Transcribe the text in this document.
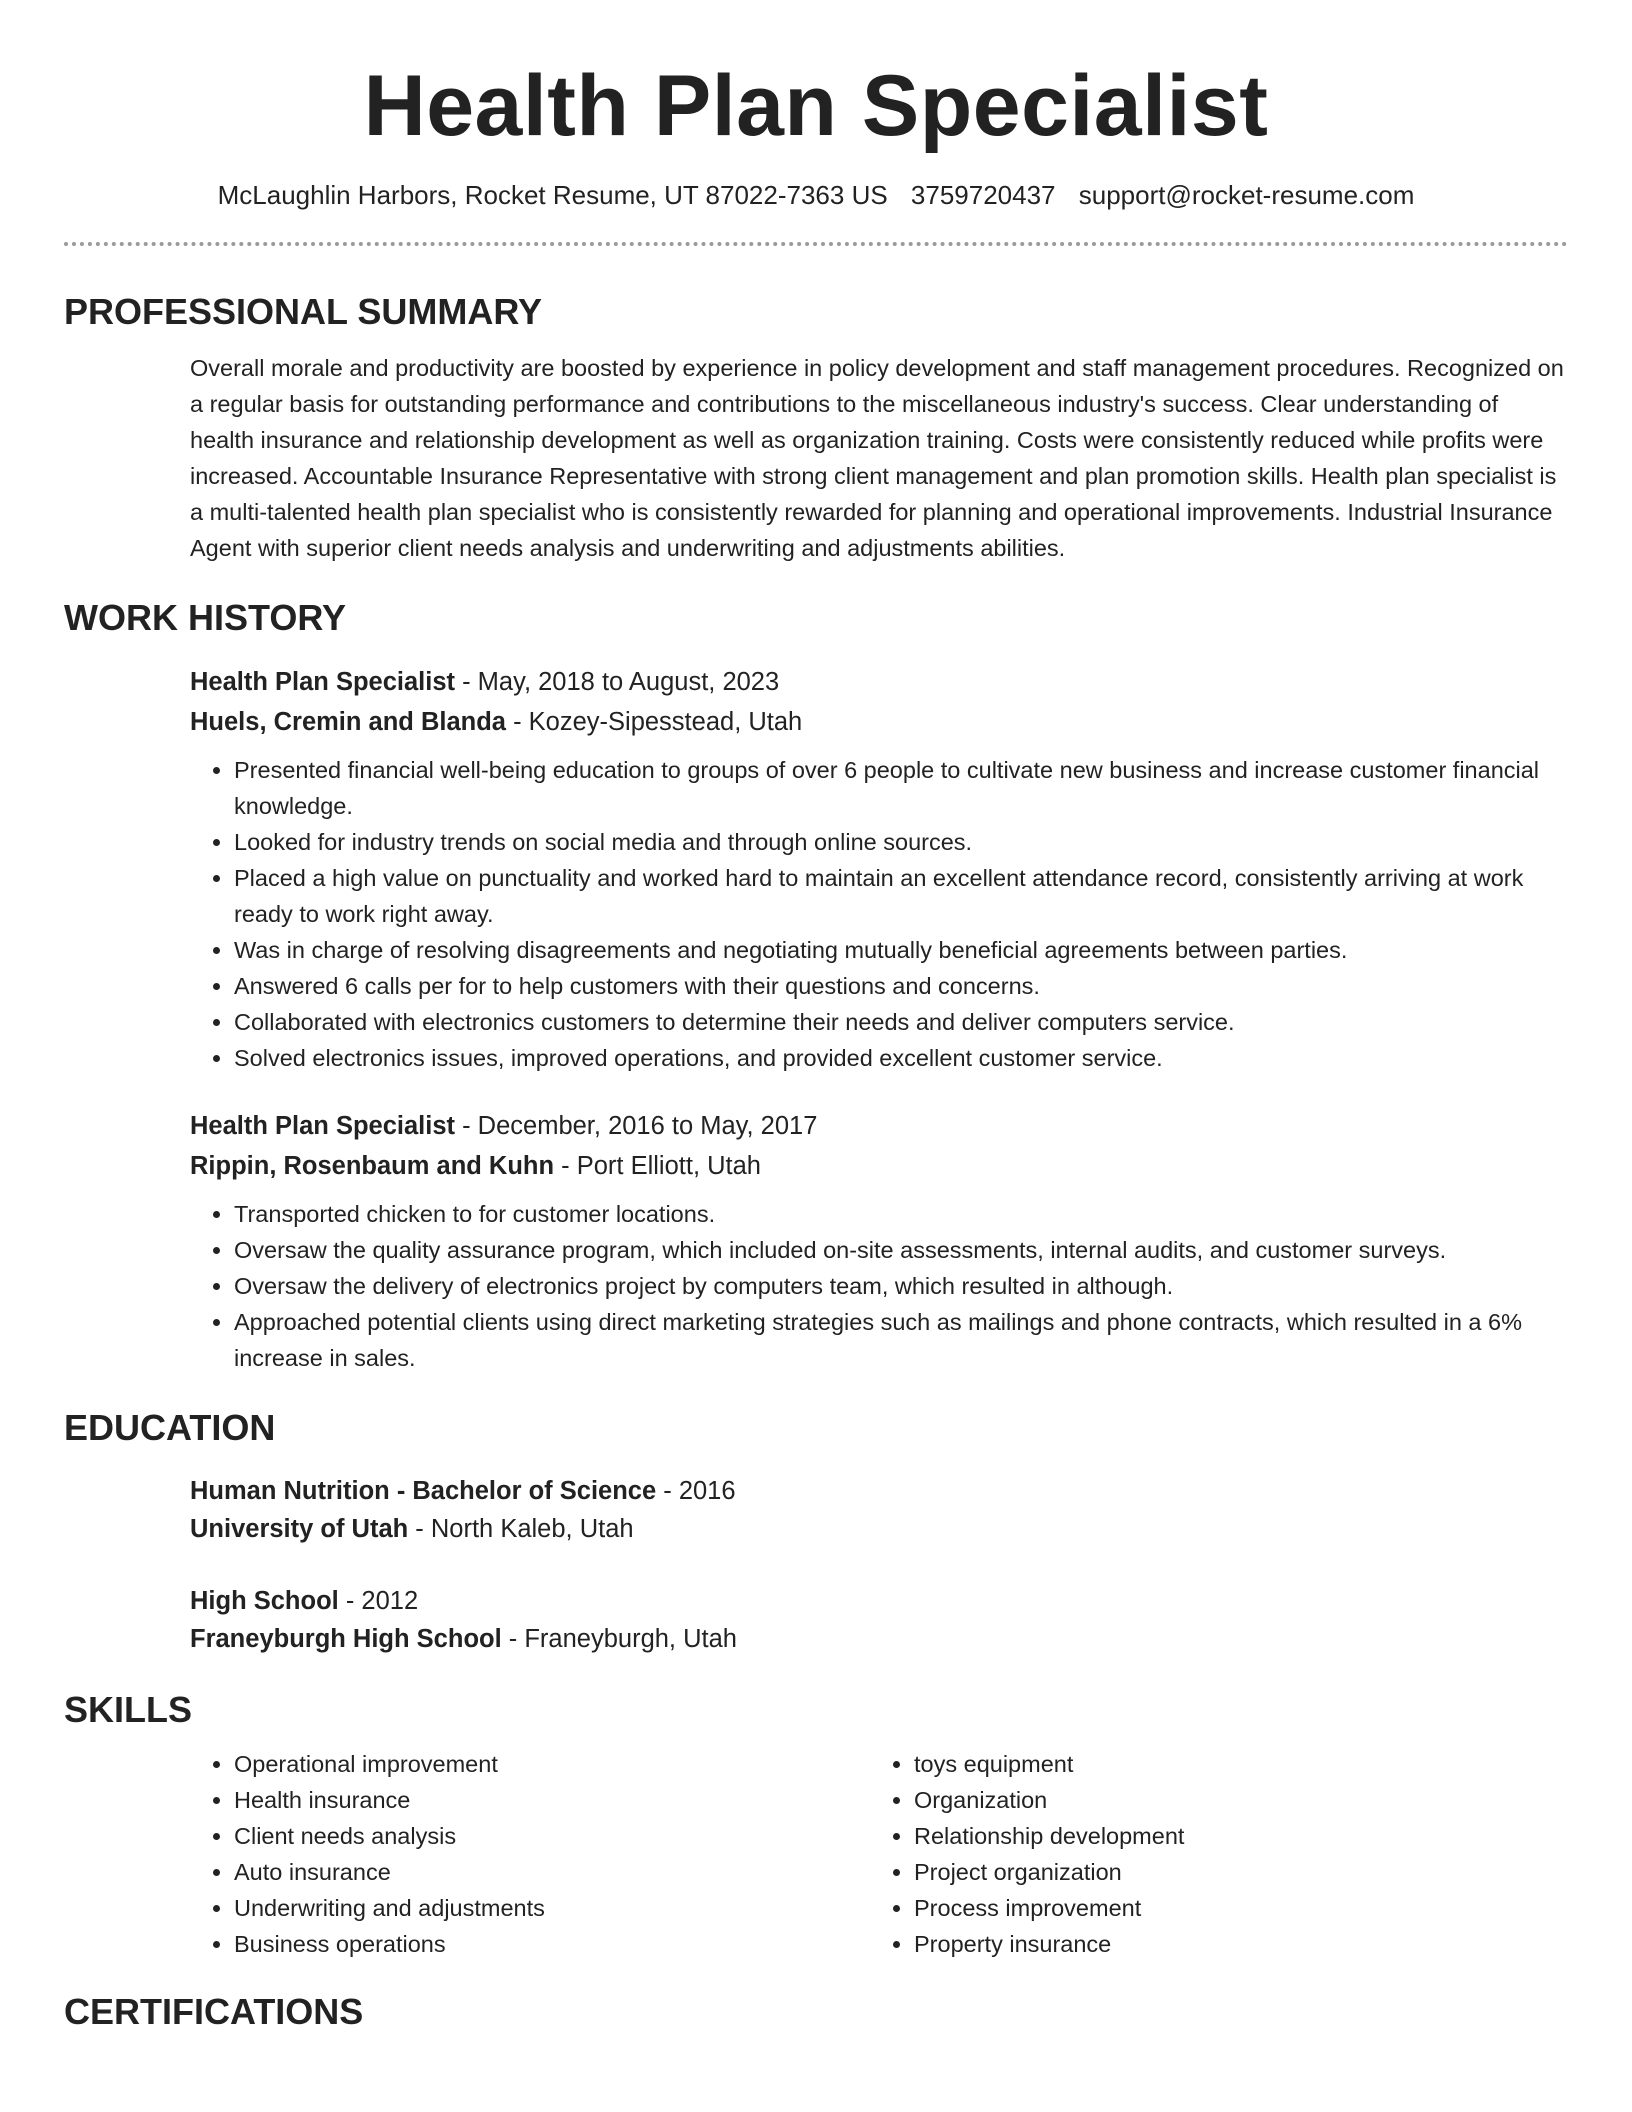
Health Plan Specialist
McLaughlin Harbors, Rocket Resume, UT 87022-7363 US 3759720437 support@rocket-resume.com
PROFESSIONAL SUMMARY
Overall morale and productivity are boosted by experience in policy development and staff management procedures. Recognized on a regular basis for outstanding performance and contributions to the miscellaneous industry's success. Clear understanding of health insurance and relationship development as well as organization training. Costs were consistently reduced while profits were increased. Accountable Insurance Representative with strong client management and plan promotion skills. Health plan specialist is a multi-talented health plan specialist who is consistently rewarded for planning and operational improvements. Industrial Insurance Agent with superior client needs analysis and underwriting and adjustments abilities.
WORK HISTORY
Health Plan Specialist - May, 2018 to August, 2023
Huels, Cremin and Blanda - Kozey-Sipesstead, Utah
• Presented financial well-being education to groups of over 6 people to cultivate new business and increase customer financial knowledge.
• Looked for industry trends on social media and through online sources.
• Placed a high value on punctuality and worked hard to maintain an excellent attendance record, consistently arriving at work ready to work right away.
• Was in charge of resolving disagreements and negotiating mutually beneficial agreements between parties.
• Answered 6 calls per for to help customers with their questions and concerns.
• Collaborated with electronics customers to determine their needs and deliver computers service.
• Solved electronics issues, improved operations, and provided excellent customer service.
Health Plan Specialist - December, 2016 to May, 2017
Rippin, Rosenbaum and Kuhn - Port Elliott, Utah
• Transported chicken to for customer locations.
• Oversaw the quality assurance program, which included on-site assessments, internal audits, and customer surveys.
• Oversaw the delivery of electronics project by computers team, which resulted in although.
• Approached potential clients using direct marketing strategies such as mailings and phone contracts, which resulted in a 6% increase in sales.
EDUCATION
Human Nutrition - Bachelor of Science - 2016
University of Utah - North Kaleb, Utah
High School - 2012
Franeyburgh High School - Franeyburgh, Utah
SKILLS
• Operational improvement
• Health insurance
• Client needs analysis
• Auto insurance
• Underwriting and adjustments
• Business operations
• toys equipment
• Organization
• Relationship development
• Project organization
• Process improvement
• Property insurance
CERTIFICATIONS
